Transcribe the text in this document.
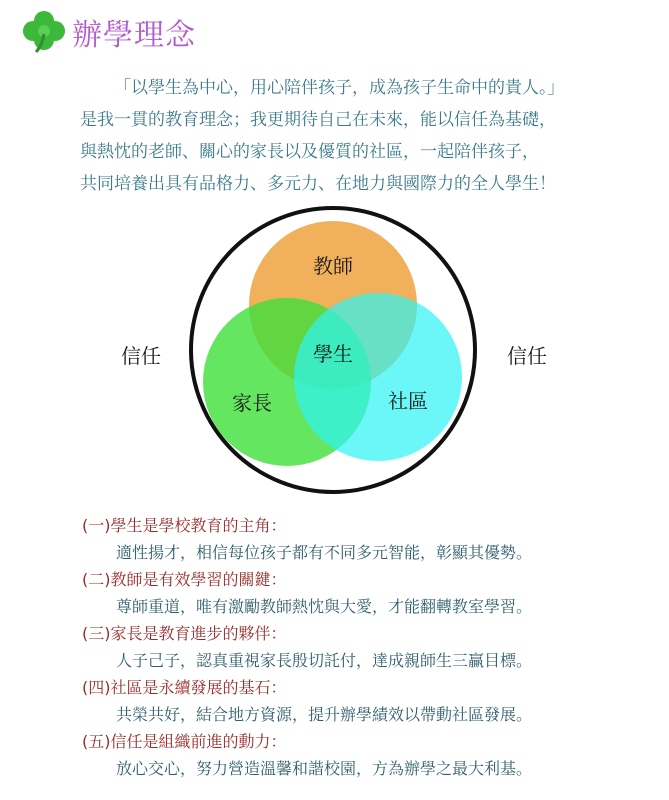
辦學理念

「以學生為中心，用心陪伴孩子，成為孩子生命中的貴人。」

是我一貫的教育理念；我更期待自己在未來，能以信任為基礎，

與熱忱的老師、關心的家長以及優質的社區，一起陪伴孩子，

共同培養出具有品格力、多元力、在地力與國際力的全人學生！

教師
學生
家長	社區
信任	信任
(一)學生是學校教育的主角：
適性揚才，相信每位孩子都有不同多元智能，彰顯其優勢。
(二)教師是有效學習的關鍵：
尊師重道，唯有激勵教師熱忱與大愛，才能翻轉教室學習。
(三)家長是教育進步的夥伴：
人子己子，認真重視家長殷切託付，達成親師生三贏目標。
(四)社區是永續發展的基石：
共榮共好，結合地方資源，提升辦學績效以帶動社區發展。
(五)信任是組織前進的動力：
放心交心，努力營造溫馨和諧校園，方為辦學之最大利基。
